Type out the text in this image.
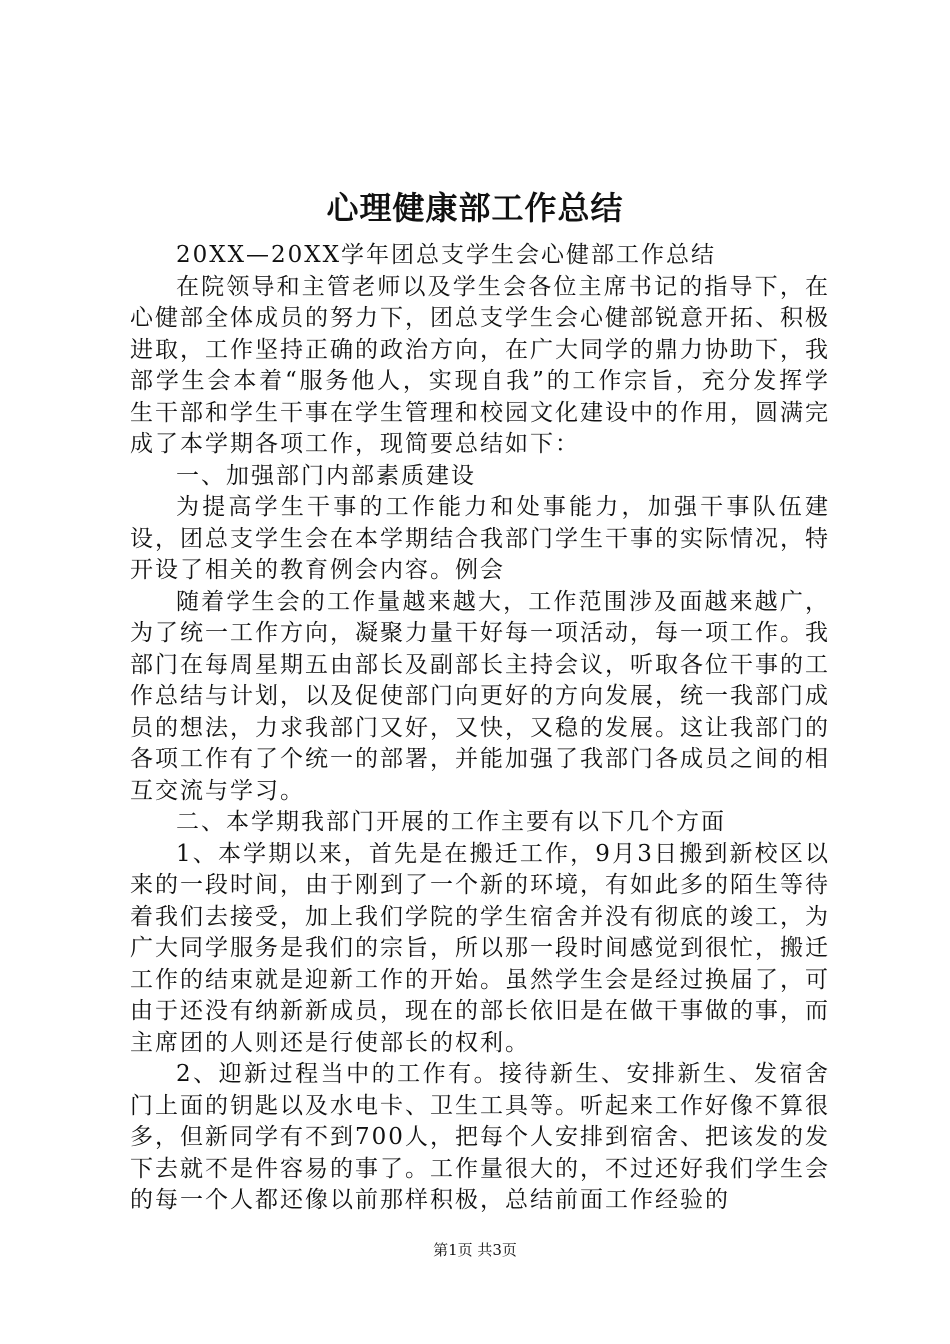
心理健康部工作总结

20XX—20XX学年团总支学生会心健部工作总结

在院领导和主管老师以及学生会各位主席书记的指导下，在心健部全体成员的努力下，团总支学生会心健部锐意开拓、积极进取，工作坚持正确的政治方向，在广大同学的鼎力协助下，我部学生会本着“服务他人，实现自我”的工作宗旨，充分发挥学生干部和学生干事在学生管理和校园文化建设中的作用，圆满完成了本学期各项工作，现简要总结如下：

一、加强部门内部素质建设

为提高学生干事的工作能力和处事能力，加强干事队伍建设，团总支学生会在本学期结合我部门学生干事的实际情况，特开设了相关的教育例会内容。例会

随着学生会的工作量越来越大，工作范围涉及面越来越广，为了统一工作方向，凝聚力量干好每一项活动，每一项工作。我部门在每周星期五由部长及副部长主持会议，听取各位干事的工作总结与计划，以及促使部门向更好的方向发展，统一我部门成员的想法，力求我部门又好，又快，又稳的发展。这让我部门的各项工作有了个统一的部署，并能加强了我部门各成员之间的相互交流与学习。

二、本学期我部门开展的工作主要有以下几个方面

1、本学期以来，首先是在搬迁工作，9月3日搬到新校区以来的一段时间，由于刚到了一个新的环境，有如此多的陌生等待着我们去接受，加上我们学院的学生宿舍并没有彻底的竣工，为广大同学服务是我们的宗旨，所以那一段时间感觉到很忙，搬迁工作的结束就是迎新工作的开始。虽然学生会是经过换届了，可由于还没有纳新新成员，现在的部长依旧是在做干事做的事，而主席团的人则还是行使部长的权利。

2、迎新过程当中的工作有。接待新生、安排新生、发宿舍门上面的钥匙以及水电卡、卫生工具等。听起来工作好像不算很多，但新同学有不到700人，把每个人安排到宿舍、把该发的发下去就不是件容易的事了。工作量很大的，不过还好我们学生会的每一个人都还像以前那样积极，总结前面工作经验的

第1页 共3页
